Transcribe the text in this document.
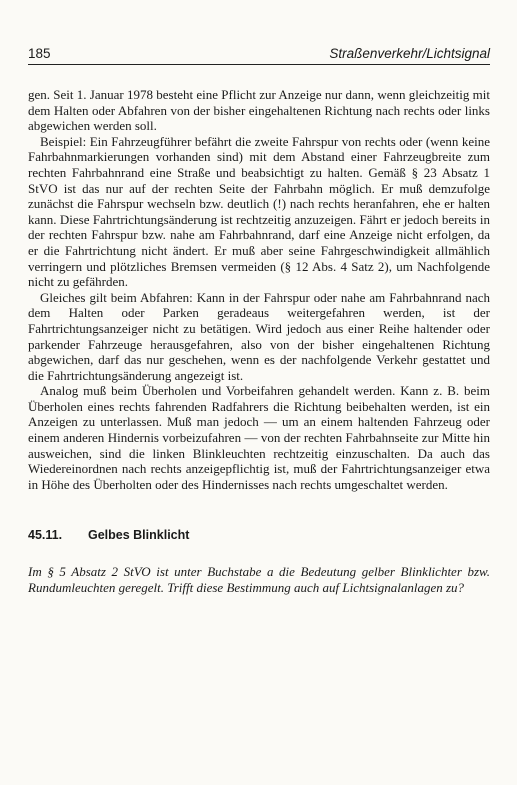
185	Straßenverkehr/Lichtsignal

gen. Seit 1. Januar 1978 besteht eine Pflicht zur Anzeige nur dann, wenn gleichzeitig mit dem Halten oder Abfahren von der bisher eingehaltenen Richtung nach rechts oder links abgewichen werden soll.

Beispiel: Ein Fahrzeugführer befährt die zweite Fahrspur von rechts oder (wenn keine Fahrbahnmarkierungen vorhanden sind) mit dem Abstand einer Fahrzeugbreite zum rechten Fahrbahnrand eine Straße und beabsichtigt zu halten. Gemäß § 23 Absatz 1 StVO ist das nur auf der rechten Seite der Fahrbahn möglich. Er muß demzufolge zunächst die Fahrspur wechseln bzw. deutlich (!) nach rechts heranfahren, ehe er halten kann. Diese Fahrtrichtungsänderung ist rechtzeitig anzuzeigen. Fährt er jedoch bereits in der rechten Fahrspur bzw. nahe am Fahrbahnrand, darf eine Anzeige nicht erfolgen, da er die Fahrtrichtung nicht ändert. Er muß aber seine Fahrgeschwindigkeit allmählich verringern und plötzliches Bremsen vermeiden (§ 12 Abs. 4 Satz 2), um Nachfolgende nicht zu gefährden.

Gleiches gilt beim Abfahren: Kann in der Fahrspur oder nahe am Fahrbahnrand nach dem Halten oder Parken geradeaus weitergefahren werden, ist der Fahrtrichtungsanzeiger nicht zu betätigen. Wird jedoch aus einer Reihe haltender oder parkender Fahrzeuge herausgefahren, also von der bisher eingehaltenen Richtung abgewichen, darf das nur geschehen, wenn es der nachfolgende Verkehr gestattet und die Fahrtrichtungsänderung angezeigt ist.

Analog muß beim Überholen und Vorbeifahren gehandelt werden. Kann z. B. beim Überholen eines rechts fahrenden Radfahrers die Richtung beibehalten werden, ist ein Anzeigen zu unterlassen. Muß man jedoch — um an einem haltenden Fahrzeug oder einem anderen Hindernis vorbeizufahren — von der rechten Fahrbahnseite zur Mitte hin ausweichen, sind die linken Blinkleuchten rechtzeitig einzuschalten. Da auch das Wiedereinordnen nach rechts anzeigepflichtig ist, muß der Fahrtrichtungsanzeiger etwa in Höhe des Überholten oder des Hindernisses nach rechts umgeschaltet werden.

45.11.	Gelbes Blinklicht

Im § 5 Absatz 2 StVO ist unter Buchstabe a die Bedeutung gelber Blinklichter bzw. Rundumleuchten geregelt. Trifft diese Bestimmung auch auf Lichtsignalanlagen zu?
